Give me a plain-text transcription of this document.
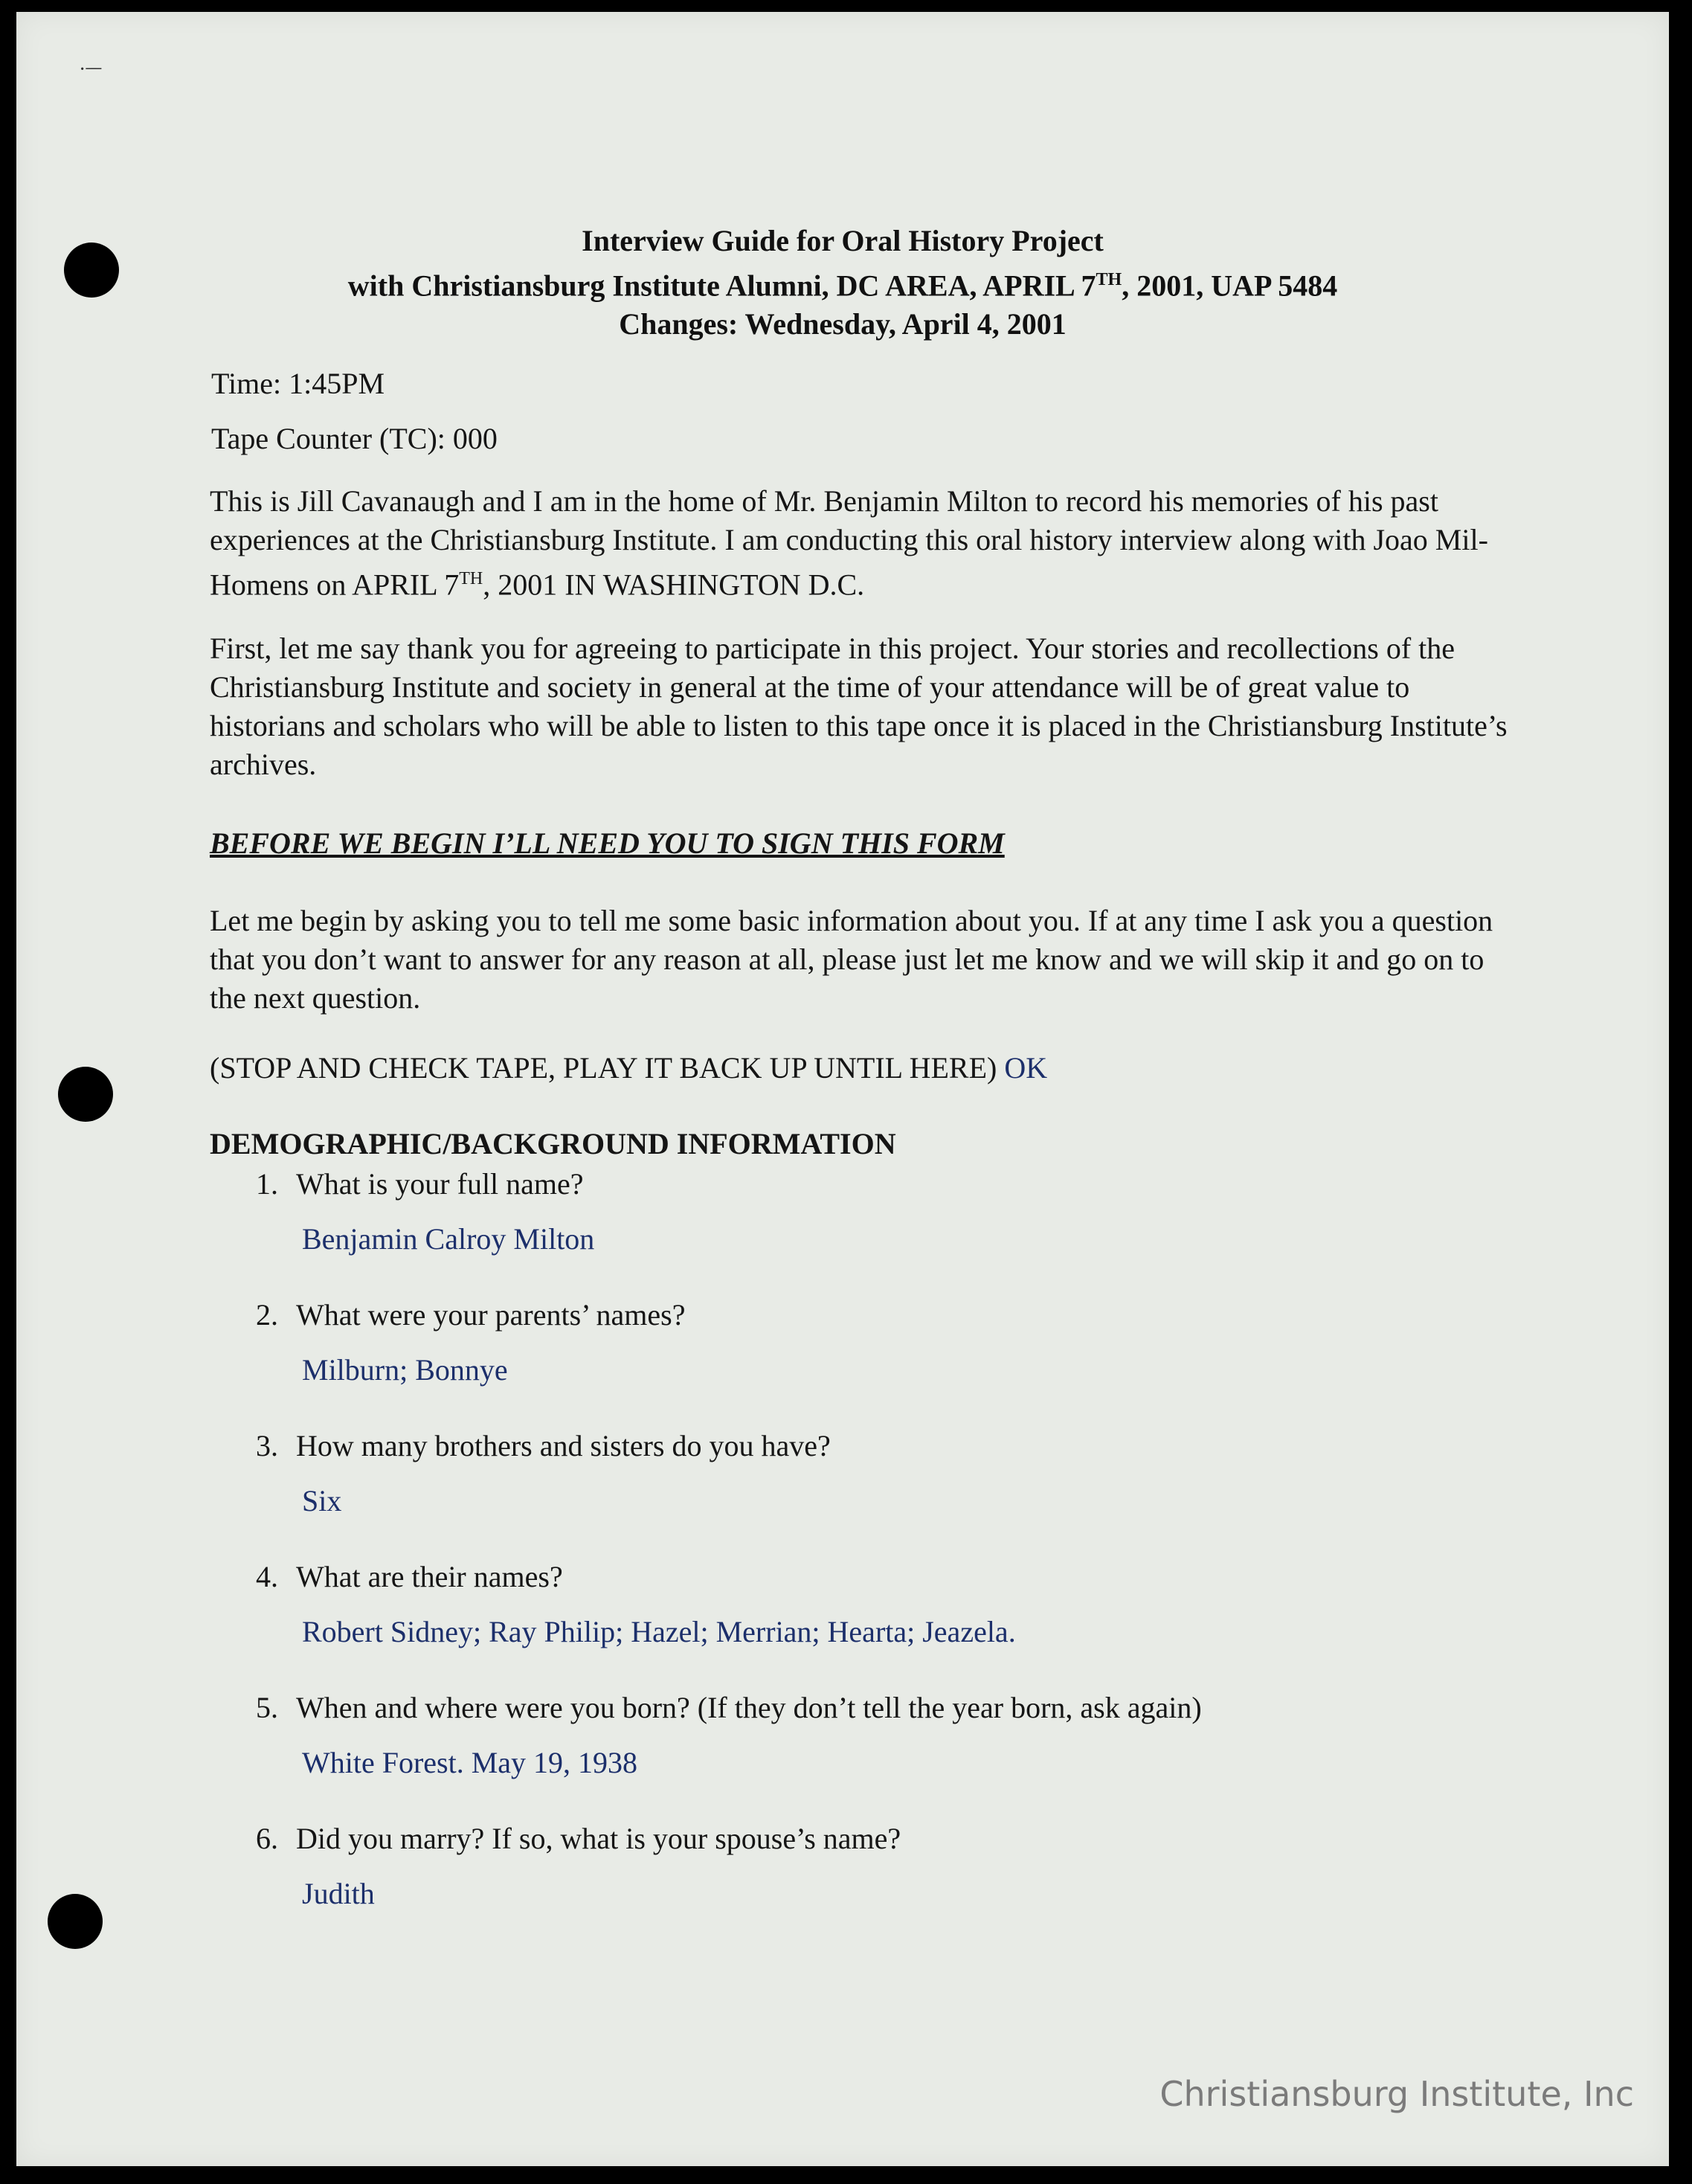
· ̶ ̶
Interview Guide for Oral History Project
with Christiansburg Institute Alumni, DC AREA, APRIL 7TH, 2001, UAP 5484
Changes: Wednesday, April 4, 2001
Time: 1:45PM
Tape Counter (TC): 000
This is Jill Cavanaugh and I am in the home of Mr. Benjamin Milton to record his memories of his past experiences at the Christiansburg Institute. I am conducting this oral history interview along with Joao Mil-Homens on APRIL 7TH, 2001 IN WASHINGTON D.C.
First, let me say thank you for agreeing to participate in this project. Your stories and recollections of the Christiansburg Institute and society in general at the time of your attendance will be of great value to historians and scholars who will be able to listen to this tape once it is placed in the Christiansburg Institute’s archives.
BEFORE WE BEGIN I’LL NEED YOU TO SIGN THIS FORM
Let me begin by asking you to tell me some basic information about you. If at any time I ask you a question that you don’t want to answer for any reason at all, please just let me know and we will skip it and go on to the next question.
(STOP AND CHECK TAPE, PLAY IT BACK UP UNTIL HERE) OK
DEMOGRAPHIC/BACKGROUND INFORMATION
1. What is your full name?
Benjamin Calroy Milton
2. What were your parents’ names?
Milburn; Bonnye
3. How many brothers and sisters do you have?
Six
4. What are their names?
Robert Sidney; Ray Philip; Hazel; Merrian; Hearta; Jeazela.
5. When and where were you born? (If they don’t tell the year born, ask again)
White Forest. May 19, 1938
6. Did you marry? If so, what is your spouse’s name?
Judith
Christiansburg Institute, Inc
